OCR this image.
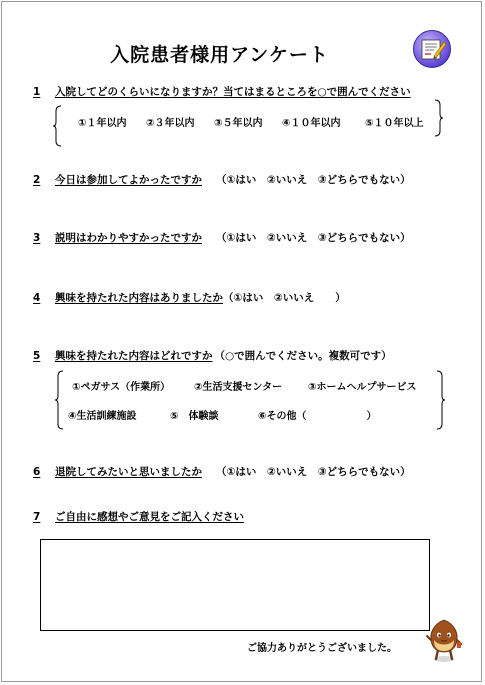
入院患者様用アンケート
1 入院してどのくらいになりますか？当てはまるところを○で囲んでください
①１年以内 ②３年以内 ③５年以内 ④１０年以内 ⑤１０年以上
2 今日は参加してよかったですか （①はい　②いいえ　③どちらでもない）
3 説明はわかりやすかったですか （①はい　②いいえ　③どちらでもない）
4 興味を持たれた内容はありましたか（①はい　②いいえ　　）
5 興味を持たれた内容はどれですか （○で囲んでください。複数可です）
①ペガサス（作業所） ②生活支援センター	③ホームヘルプサービス
④生活訓練施設	⑤　体験談	⑥その他（　　　　　　）
6 退院してみたいと思いましたか （①はい　②いいえ　③どちらでもない）
7 ご自由に感想やご意見をご記入ください
ご協力ありがとうございました。
